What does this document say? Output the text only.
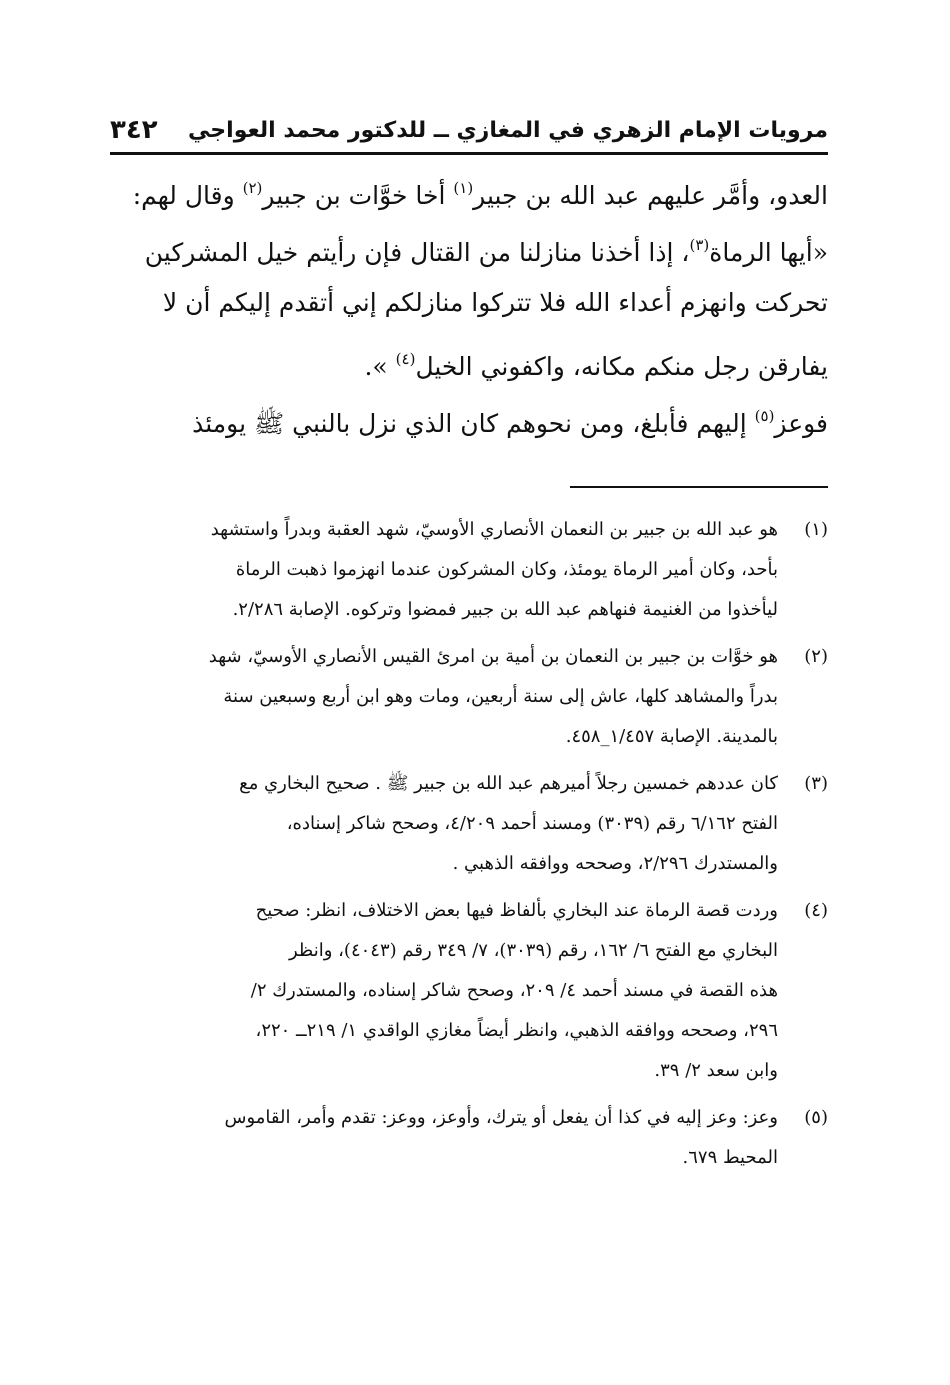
مرويات الإمام الزهري في المغازي ــ للدكتور محمد العواجي
٣٤٢
العدو، وأمَّر عليهم عبد الله بن جبير$^{(١)}$ أخا خوَّات بن جبير$^{(٢)}$ وقال لهم:
«أيها الرماة$^{(٣)}$، إذا أخذنا منازلنا من القتال فإن رأيتم خيل المشركين
تحركت وانهزم أعداء الله فلا تتركوا منازلكم إني أتقدم إليكم أن لا
يفارقن رجل منكم مكانه، واكفوني الخيل$^{(٤)}$ ».
فوعز$^{(٥)}$ إليهم فأبلغ، ومن نحوهم كان الذي نزل بالنبي ﷺ يومئذ
(١)
هو عبد الله بن جبير بن النعمان الأنصاري الأوسيّ، شهد العقبة وبدراً واستشهد
بأحد، وكان أمير الرماة يومئذ، وكان المشركون عندما انهزموا ذهبت الرماة
ليأخذوا من الغنيمة فنهاهم عبد الله بن جبير فمضوا وتركوه. الإصابة ٢/٢٨٦.
(٢)
هو خوَّات بن جبير بن النعمان بن أمية بن امرئ القيس الأنصاري الأوسيّ، شهد
بدراً والمشاهد كلها، عاش إلى سنة أربعين، ومات وهو ابن أربع وسبعين سنة
بالمدينة. الإصابة ١/٤٥٧_٤٥٨.
(٣)
كان عددهم خمسين رجلاً أميرهم عبد الله بن جبير ﷺ . صحيح البخاري مع
الفتح ٦/١٦٢ رقم (٣٠٣٩) ومسند أحمد ٤/٢٠٩، وصحح شاكر إسناده،
والمستدرك ٢/٢٩٦، وصححه ووافقه الذهبي .
(٤)
وردت قصة الرماة عند البخاري بألفاظ فيها بعض الاختلاف، انظر: صحيح
البخاري مع الفتح ٦/ ١٦٢، رقم (٣٠٣٩)، ٧/ ٣٤٩ رقم (٤٠٤٣)، وانظر
هذه القصة في مسند أحمد ٤/ ٢٠٩، وصحح شاكر إسناده، والمستدرك ٢/
٢٩٦، وصححه ووافقه الذهبي، وانظر أيضاً مغازي الواقدي ١/ ٢١٩ــ ٢٢٠،
وابن سعد ٢/ ٣٩.
(٥)
وعز: وعز إليه في كذا أن يفعل أو يترك، وأوعز، ووعز: تقدم وأمر، القاموس
المحيط ٦٧٩.
